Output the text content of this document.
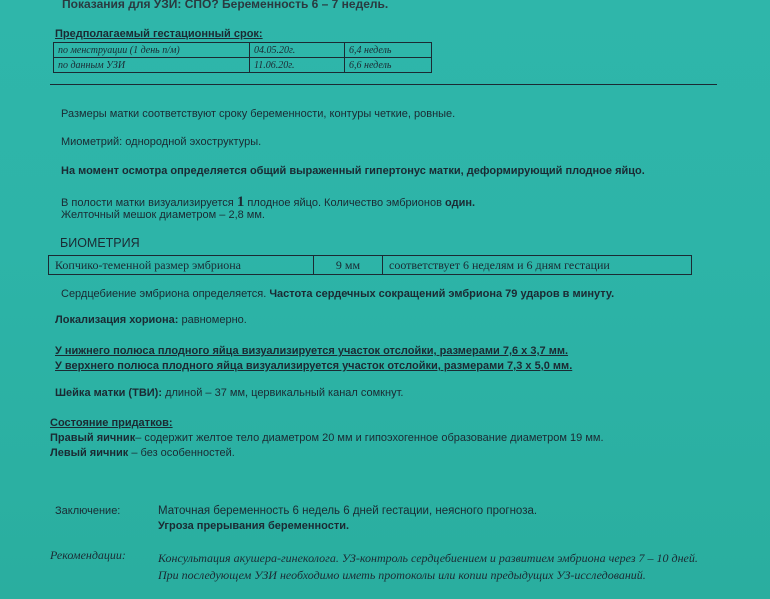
Показания для УЗИ: СПО? Беременность 6 – 7 недель.
Предполагаемый гестационный срок:
по менструации (1 день п/м)	04.05.20г.	6,4 недель
по данным УЗИ	11.06.20г.	6,6 недель
Размеры матки соответствуют сроку беременности, контуры четкие, ровные.
Миометрий: однородной эхоструктуры.
На момент осмотра определяется общий выраженный гипертонус матки, деформирующий плодное яйцо.
В полости матки визуализируется 1 плодное яйцо. Количество эмбрионов один.
Желточный мешок диаметром – 2,8 мм.
БИОМЕТРИЯ
Копчико-теменной размер эмбриона	9 мм	соответствует 6 неделям и 6 дням гестации
Сердцебиение эмбриона определяется. Частота сердечных сокращений эмбриона 79 ударов в минуту.
Локализация хориона: равномерно.
У нижнего полюса плодного яйца визуализируется участок отслойки, размерами 7,6 х 3,7 мм.
У верхнего полюса плодного яйца визуализируется участок отслойки, размерами 7,3 х 5,0 мм.
Шейка матки (ТВИ): длиной – 37 мм, цервикальный канал сомкнут.
Состояние придатков:
Правый яичник– содержит желтое тело диаметром 20 мм и гипоэхогенное образование диаметром 19 мм.
Левый яичник – без особенностей.
Заключение:	Маточная беременность 6 недель 6 дней гестации, неясного прогноза.
Угроза прерывания беременности.
Рекомендации:	Консультация акушера-гинеколога. УЗ-контроль сердцебиением и развитием эмбриона через 7 – 10 дней.
При последующем УЗИ необходимо иметь протоколы или копии предыдущих УЗ-исследований.
